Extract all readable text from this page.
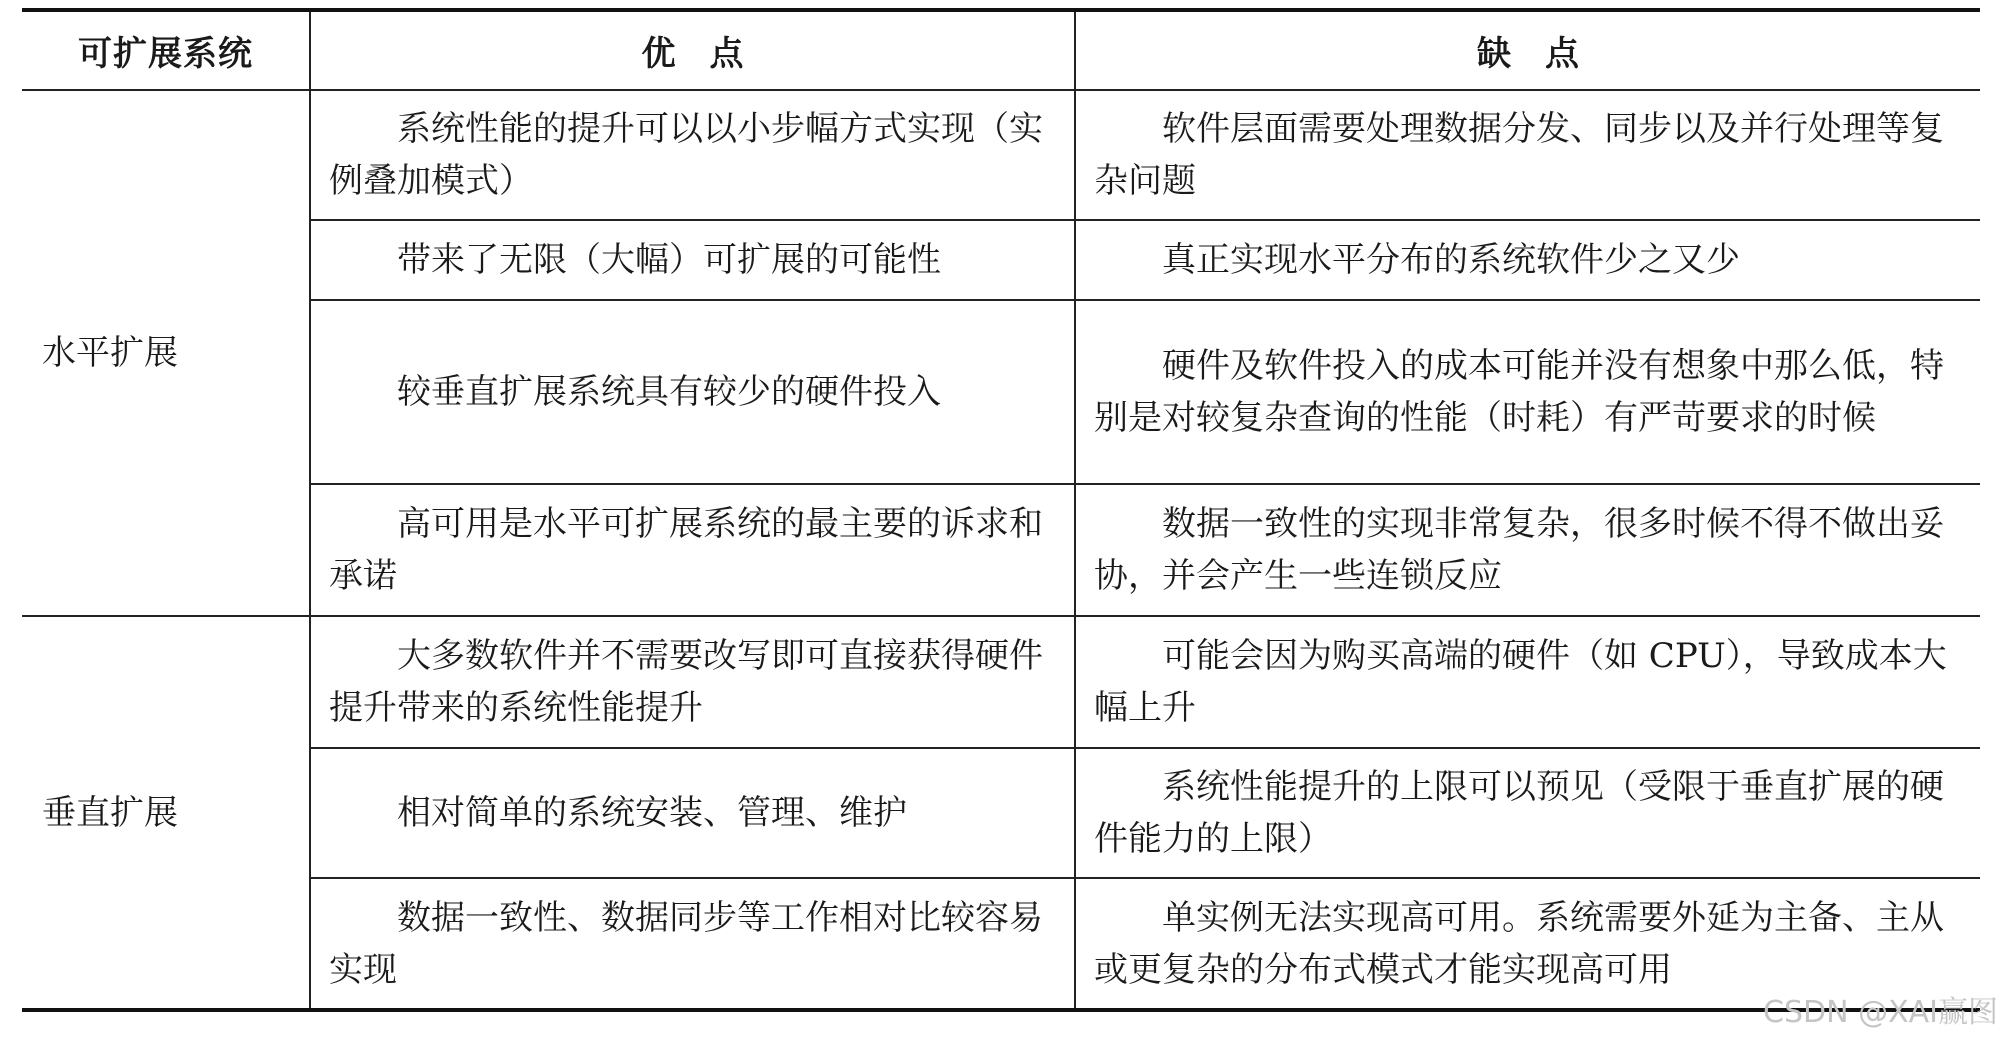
可扩展系统	优点	缺点
水平扩展	系统性能的提升可以以小步幅方式实现（实例叠加模式）	软件层面需要处理数据分发、同步以及并行处理等复杂问题
	带来了无限（大幅）可扩展的可能性	真正实现水平分布的系统软件少之又少
	较垂直扩展系统具有较少的硬件投入	硬件及软件投入的成本可能并没有想象中那么低，特别是对较复杂查询的性能（时耗）有严苛要求的时候
	高可用是水平可扩展系统的最主要的诉求和承诺	数据一致性的实现非常复杂，很多时候不得不做出妥协，并会产生一些连锁反应
垂直扩展	大多数软件并不需要改写即可直接获得硬件提升带来的系统性能提升	可能会因为购买高端的硬件（如 CPU），导致成本大幅上升
	相对简单的系统安装、管理、维护	系统性能提升的上限可以预见（受限于垂直扩展的硬件能力的上限）
	数据一致性、数据同步等工作相对比较容易实现	单实例无法实现高可用。系统需要外延为主备、主从或更复杂的分布式模式才能实现高可用
CSDN @XAI赢图
